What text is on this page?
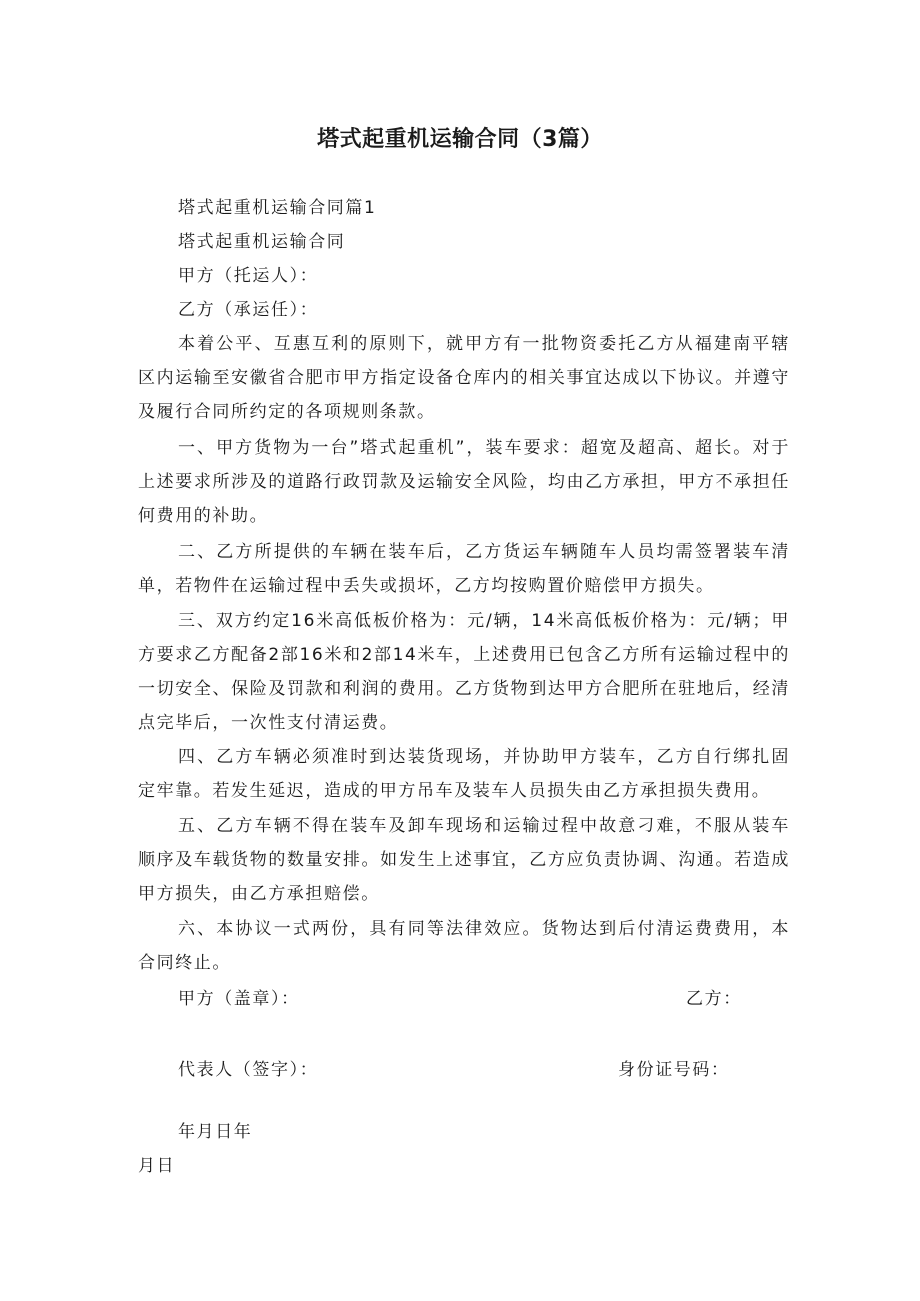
塔式起重机运输合同（3篇）
塔式起重机运输合同篇1
塔式起重机运输合同
甲方（托运人）：
乙方（承运任）：
本着公平、互惠互利的原则下，就甲方有一批物资委托乙方从福建南平辖区内运输至安徽省合肥市甲方指定设备仓库内的相关事宜达成以下协议。并遵守及履行合同所约定的各项规则条款。
一、甲方货物为一台”塔式起重机”，装车要求：超宽及超高、超长。对于上述要求所涉及的道路行政罚款及运输安全风险，均由乙方承担，甲方不承担任何费用的补助。
二、乙方所提供的车辆在装车后，乙方货运车辆随车人员均需签署装车清单，若物件在运输过程中丢失或损坏，乙方均按购置价赔偿甲方损失。
三、双方约定16米高低板价格为：元/辆，14米高低板价格为：元/辆；甲方要求乙方配备2部16米和2部14米车，上述费用已包含乙方所有运输过程中的一切安全、保险及罚款和利润的费用。乙方货物到达甲方合肥所在驻地后，经清点完毕后，一次性支付清运费。
四、乙方车辆必须准时到达装货现场，并协助甲方装车，乙方自行绑扎固定牢靠。若发生延迟，造成的甲方吊车及装车人员损失由乙方承担损失费用。
五、乙方车辆不得在装车及卸车现场和运输过程中故意刁难，不服从装车顺序及车载货物的数量安排。如发生上述事宜，乙方应负责协调、沟通。若造成甲方损失，由乙方承担赔偿。
六、本协议一式两份，具有同等法律效应。货物达到后付清运费费用，本合同终止。
甲方（盖章）：	乙方：
代表人（签字）：	身份证号码：
年月日年
月日
